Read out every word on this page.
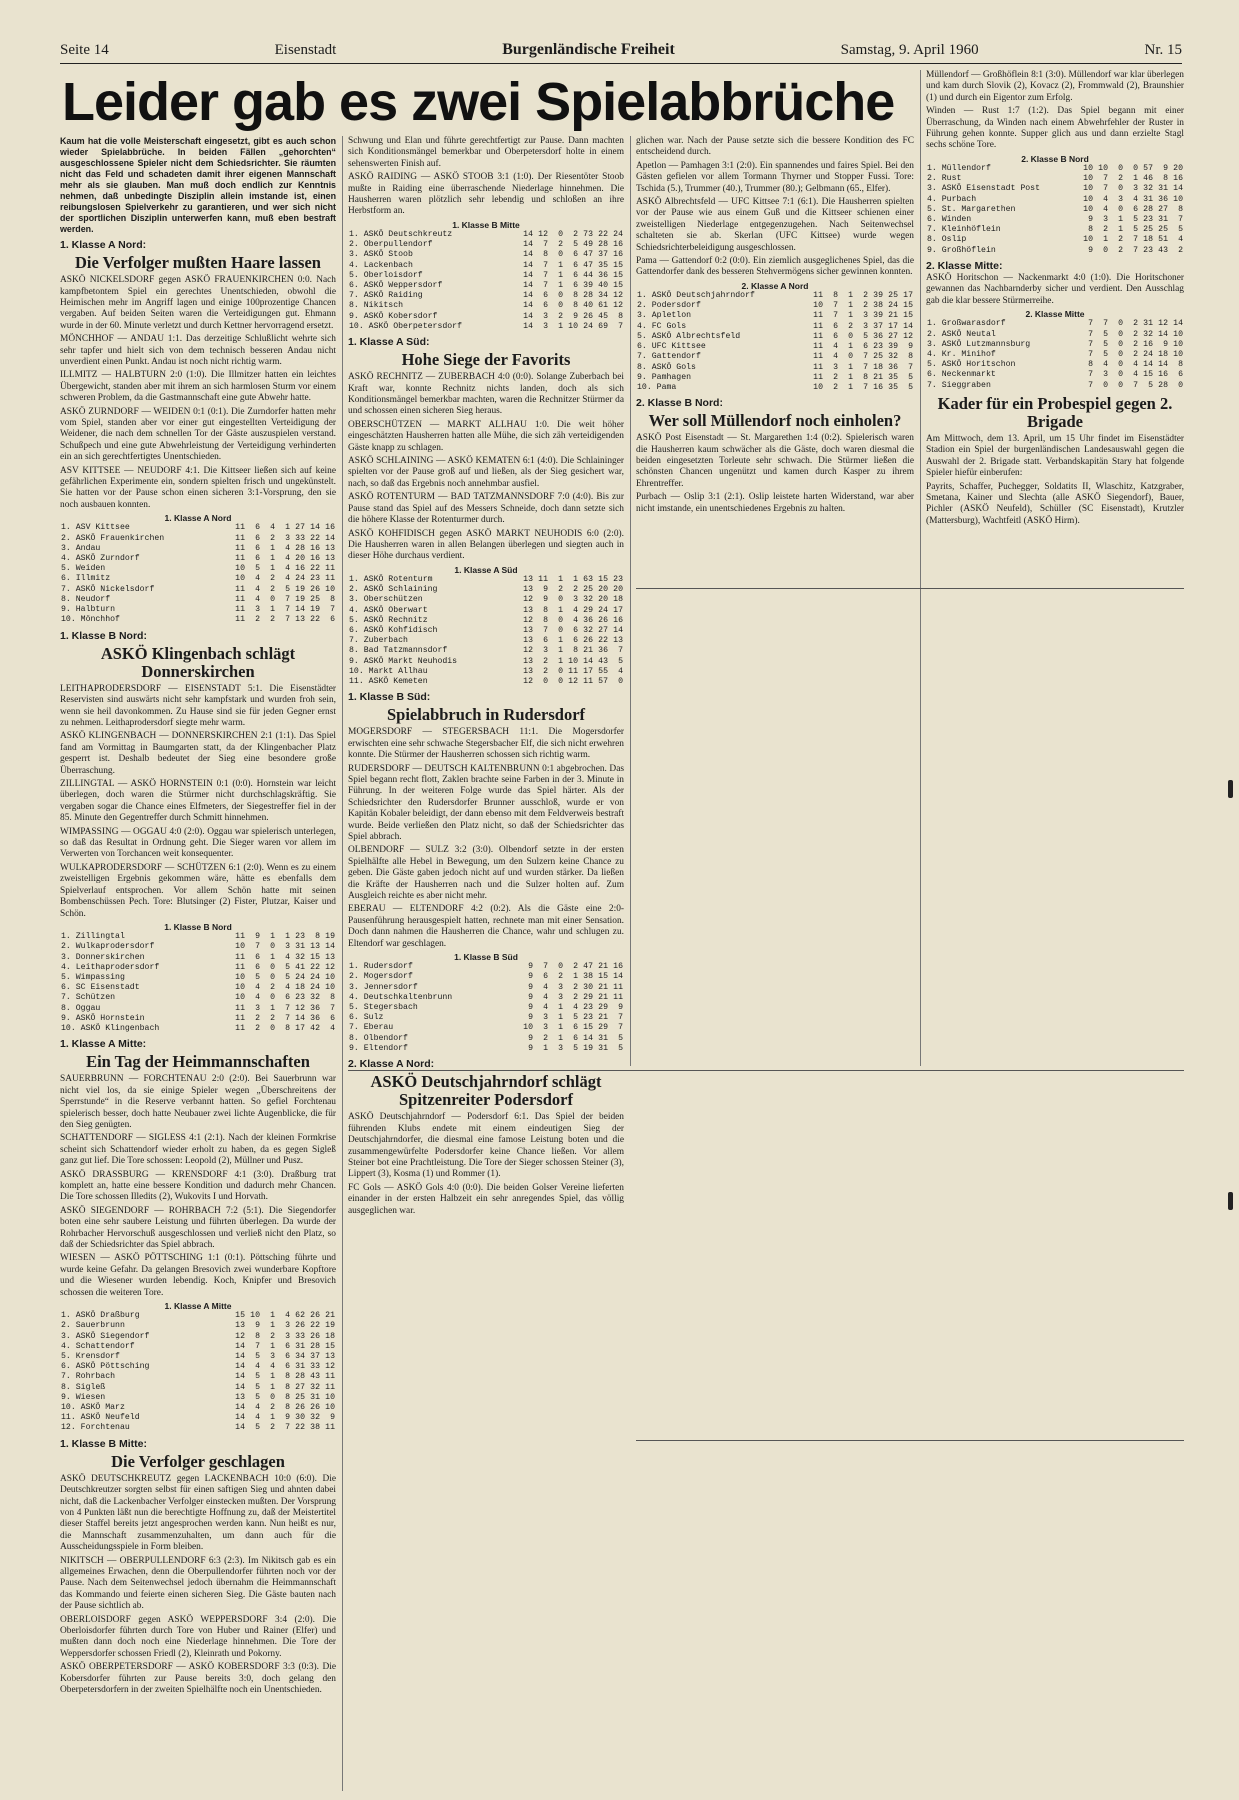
Seite 14	Eisenstadt	Burgenländische Freiheit	Samstag, 9. April 1960	Nr. 15
Leider gab es zwei Spielabbrüche

Kaum hat die volle Meisterschaft eingesetzt, gibt es auch schon wieder Spielabbrüche. In beiden Fällen „gehorchten“ ausgeschlossene Spieler nicht dem Schiedsrichter. Sie räumten nicht das Feld und schadeten damit ihrer eigenen Mannschaft mehr als sie glauben. Man muß doch endlich zur Kenntnis nehmen, daß unbedingte Disziplin allein imstande ist, einen reibungslosen Spielverkehr zu garantieren, und wer sich nicht der sportlichen Disziplin unterwerfen kann, muß eben bestraft werden.

1. Klasse A Nord:
Die Verfolger mußten Haare lassen

ASKÖ NICKELSDORF gegen ASKÖ FRAUENKIRCHEN 0:0. Nach kampfbetontem Spiel ein gerechtes Unentschieden, obwohl die Heimischen mehr im Angriff lagen und einige 100prozentige Chancen vergaben. Auf beiden Seiten waren die Verteidigungen gut. Ehmann wurde in der 60. Minute verletzt und durch Kettner hervorragend ersetzt.

MÖNCHHOF — ANDAU 1:1. Das derzeitige Schlußlicht wehrte sich sehr tapfer und hielt sich von dem technisch besseren Andau nicht unverdient einen Punkt. Andau ist noch nicht richtig warm.

ILLMITZ — HALBTURN 2:0 (1:0). Die Illmitzer hatten ein leichtes Übergewicht, standen aber mit ihrem an sich harmlosen Sturm vor einem schweren Problem, da die Gastmannschaft eine gute Abwehr hatte.

ASKÖ ZURNDORF — WEIDEN 0:1 (0:1). Die Zurndorfer hatten mehr vom Spiel, standen aber vor einer gut eingestellten Verteidigung der Weidener, die nach dem schnellen Tor der Gäste auszuspielen verstand. Schußpech und eine gute Abwehrleistung der Verteidigung verhinderten ein an sich gerechtfertigtes Unentschieden.

ASV KITTSEE — NEUDORF 4:1. Die Kittseer ließen sich auf keine gefährlichen Experimente ein, sondern spielten frisch und ungekünstelt. Sie hatten vor der Pause schon einen sicheren 3:1-Vorsprung, den sie noch ausbauen konnten.

1. Klasse A Nord
1. ASV Kittsee	11	6	4	1	27	14	16
2. ASKÖ Frauenkirchen	11	6	2	3	33	22	14
3. Andau	11	6	1	4	28	16	13
4. ASKÖ Zurndorf	11	6	1	4	20	16	13
5. Weiden	10	5	1	4	16	22	11
6. Illmitz	10	4	2	4	24	23	11
7. ASKÖ Nickelsdorf	11	4	2	5	19	26	10
8. Neudorf	11	4	0	7	19	25	8
9. Halbturn	11	3	1	7	14	19	7
10. Mönchhof	11	2	2	7	13	22	6
1. Klasse B Nord:
ASKÖ Klingenbach schlägt Donnerskirchen

LEITHAPRODERSDORF — EISENSTADT 5:1. Die Eisenstädter Reservisten sind auswärts nicht sehr kampfstark und wurden froh sein, wenn sie heil davonkommen. Zu Hause sind sie für jeden Gegner ernst zu nehmen. Leithaprodersdorf siegte mehr warm.

ASKÖ KLINGENBACH — DONNERSKIRCHEN 2:1 (1:1). Das Spiel fand am Vormittag in Baumgarten statt, da der Klingenbacher Platz gesperrt ist. Deshalb bedeutet der Sieg eine besondere große Überraschung.

ZILLINGTAL — ASKÖ HORNSTEIN 0:1 (0:0). Hornstein war leicht überlegen, doch waren die Stürmer nicht durchschlagskräftig. Sie vergaben sogar die Chance eines Elfmeters, der Siegestreffer fiel in der 85. Minute den Gegentreffer durch Schmitt hinnehmen.

WIMPASSING — OGGAU 4:0 (2:0). Oggau war spielerisch unterlegen, so daß das Resultat in Ordnung geht. Die Sieger waren vor allem im Verwerten von Torchancen weit konsequenter.

WULKAPRODERSDORF — SCHÜTZEN 6:1 (2:0). Wenn es zu einem zweistelligen Ergebnis gekommen wäre, hätte es ebenfalls dem Spielverlauf entsprochen. Vor allem Schön hatte mit seinen Bombenschüssen Pech. Tore: Blutsinger (2) Fister, Plutzar, Kaiser und Schön.

1. Klasse B Nord
1. Zillingtal	11	9	1	1	23	8	19
2. Wulkaprodersdorf	10	7	0	3	31	13	14
3. Donnerskirchen	11	6	1	4	32	15	13
4. Leithaprodersdorf	11	6	0	5	41	22	12
5. Wimpassing	10	5	0	5	24	24	10
6. SC Eisenstadt	10	4	2	4	18	24	10
7. Schützen	10	4	0	6	23	32	8
8. Oggau	11	3	1	7	12	36	7
9. ASKÖ Hornstein	11	2	2	7	14	36	6
10. ASKÖ Klingenbach	11	2	0	8	17	42	4
1. Klasse A Mitte:
Ein Tag der Heimmannschaften

SAUERBRUNN — FORCHTENAU 2:0 (2:0). Bei Sauerbrunn war nicht viel los, da sie einige Spieler wegen „Überschreitens der Sperrstunde“ in die Reserve verbannt hatten. So gefiel Forchtenau spielerisch besser, doch hatte Neubauer zwei lichte Augenblicke, die für den Sieg genügten.

SCHATTENDORF — SIGLESS 4:1 (2:1). Nach der kleinen Formkrise scheint sich Schattendorf wieder erholt zu haben, da es gegen Sigleß ganz gut lief. Die Tore schossen: Leopold (2), Müllner und Pusz.

ASKÖ DRASSBURG — KRENSDORF 4:1 (3:0). Draßburg trat komplett an, hatte eine bessere Kondition und dadurch mehr Chancen. Die Tore schossen Illedits (2), Wukovits I und Horvath.

ASKÖ SIEGENDORF — ROHRBACH 7:2 (5:1). Die Siegendorfer boten eine sehr saubere Leistung und führten überlegen. Da wurde der Rohrbacher Hervorschuß ausgeschlossen und verließ nicht den Platz, so daß der Schiedsrichter das Spiel abbrach.

WIESEN — ASKÖ PÖTTSCHING 1:1 (0:1). Pöttsching führte und wurde keine Gefahr. Da gelangen Bresovich zwei wunderbare Kopftore und die Wiesener wurden lebendig. Koch, Knipfer und Bresovich schossen die weiteren Tore.

1. Klasse A Mitte
1. ASKÖ Draßburg	15	10	1	4	62	26	21
2. Sauerbrunn	13	9	1	3	26	22	19
3. ASKÖ Siegendorf	12	8	2	3	33	26	18
4. Schattendorf	14	7	1	6	31	28	15
5. Krensdorf	14	5	3	6	34	37	13
6. ASKÖ Pöttsching	14	4	4	6	31	33	12
7. Rohrbach	14	5	1	8	28	43	11
8. Sigleß	14	5	1	8	27	32	11
9. Wiesen	13	5	0	8	25	31	10
10. ASKÖ Marz	14	4	2	8	26	26	10
11. ASKÖ Neufeld	14	4	1	9	30	32	9
12. Forchtenau	14	5	2	7	22	38	11
1. Klasse B Mitte:
Die Verfolger geschlagen

ASKÖ DEUTSCHKREUTZ gegen LACKENBACH 10:0 (6:0). Die Deutschkreutzer sorgten selbst für einen saftigen Sieg und ahnten dabei nicht, daß die Lackenbacher Verfolger einstecken mußten. Der Vorsprung von 4 Punkten läßt nun die berechtigte Hoffnung zu, daß der Meistertitel dieser Staffel bereits jetzt angesprochen werden kann. Nun heißt es nur, die Mannschaft zusammenzuhalten, um dann auch für die Ausscheidungsspiele in Form bleiben.

NIKITSCH — OBERPULLENDORF 6:3 (2:3). Im Nikitsch gab es ein allgemeines Erwachen, denn die Oberpullendorfer führten noch vor der Pause. Nach dem Seitenwechsel jedoch übernahm die Heimmannschaft das Kommando und feierte einen sicheren Sieg. Die Gäste bauten nach der Pause sichtlich ab.

OBERLOISDORF gegen ASKÖ WEPPERSDORF 3:4 (2:0). Die Oberloisdorfer führten durch Tore von Huber und Rainer (Elfer) und mußten dann doch noch eine Niederlage hinnehmen. Die Tore der Weppersdorfer schossen Friedl (2), Kleinrath und Pokorny.

ASKÖ OBERPETERSDORF — ASKÖ KOBERSDORF 3:3 (0:3). Die Kobersdorfer führten zur Pause bereits 3:0, doch gelang den Oberpetersdorfern in der zweiten Spielhälfte noch ein Unentschieden.

Schwung und Elan und führte gerechtfertigt zur Pause. Dann machten sich Konditionsmängel bemerkbar und Oberpetersdorf holte in einem sehenswerten Finish auf.

ASKÖ RAIDING — ASKÖ STOOB 3:1 (1:0). Der Riesentöter Stoob mußte in Raiding eine überraschende Niederlage hinnehmen. Die Hausherren waren plötzlich sehr lebendig und schloßen an ihre Herbstform an.

1. Klasse B Mitte
1. ASKÖ Deutschkreutz	14	12	0	2	73	22	24
2. Oberpullendorf	14	7	2	5	49	28	16
3. ASKÖ Stoob	14	8	0	6	47	37	16
4. Lackenbach	14	7	1	6	47	35	15
5. Oberloisdorf	14	7	1	6	44	36	15
6. ASKÖ Weppersdorf	14	7	1	6	39	40	15
7. ASKÖ Raiding	14	6	0	8	28	34	12
8. Nikitsch	14	6	0	8	40	61	12
9. ASKÖ Kobersdorf	14	3	2	9	26	45	8
10. ASKÖ Oberpetersdorf	14	3	1	10	24	69	7
1. Klasse A Süd:
Hohe Siege der Favorits

ASKÖ RECHNITZ — ZUBERBACH 4:0 (0:0). Solange Zuberbach bei Kraft war, konnte Rechnitz nichts landen, doch als sich Konditionsmängel bemerkbar machten, waren die Rechnitzer Stürmer da und schossen einen sicheren Sieg heraus.

OBERSCHÜTZEN — MARKT ALLHAU 1:0. Die weit höher eingeschätzten Hausherren hatten alle Mühe, die sich zäh verteidigenden Gäste knapp zu schlagen.

ASKÖ SCHLAINING — ASKÖ KEMATEN 6:1 (4:0). Die Schlaininger spielten vor der Pause groß auf und ließen, als der Sieg gesichert war, nach, so daß das Ergebnis noch annehmbar ausfiel.

ASKÖ ROTENTURM — BAD TATZMANNSDORF 7:0 (4:0). Bis zur Pause stand das Spiel auf des Messers Schneide, doch dann setzte sich die höhere Klasse der Rotenturmer durch.

ASKÖ KOHFIDISCH gegen ASKÖ MARKT NEUHODIS 6:0 (2:0). Die Hausherren waren in allen Belangen überlegen und siegten auch in dieser Höhe durchaus verdient.

1. Klasse A Süd
1. ASKÖ Rotenturm	13	11	1	1	63	15	23
2. ASKÖ Schlaining	13	9	2	2	25	20	20
3. Oberschützen	12	9	0	3	32	20	18
4. ASKÖ Oberwart	13	8	1	4	29	24	17
5. ASKÖ Rechnitz	12	8	0	4	36	26	16
6. ASKÖ Kohfidisch	13	7	0	6	32	27	14
7. Zuberbach	13	6	1	6	26	22	13
8. Bad Tatzmannsdorf	12	3	1	8	21	36	7
9. ASKÖ Markt Neuhodis	13	2	1	10	14	43	5
10. Markt Allhau	13	2	0	11	17	55	4
11. ASKÖ Kemeten	12	0	0	12	11	57	0
1. Klasse B Süd:
Spielabbruch in Rudersdorf

MOGERSDORF — STEGERSBACH 11:1. Die Mogersdorfer erwischten eine sehr schwache Stegersbacher Elf, die sich nicht erwehren konnte. Die Stürmer der Hausherren schossen sich richtig warm.

RUDERSDORF — DEUTSCH KALTENBRUNN 0:1 abgebrochen. Das Spiel begann recht flott, Zaklen brachte seine Farben in der 3. Minute in Führung. In der weiteren Folge wurde das Spiel härter. Als der Schiedsrichter den Rudersdorfer Brunner ausschloß, wurde er von Kapitän Kobaler beleidigt, der dann ebenso mit dem Feldverweis bestraft wurde. Beide verließen den Platz nicht, so daß der Schiedsrichter das Spiel abbrach.

OLBENDORF — SULZ 3:2 (3:0). Olbendorf setzte in der ersten Spielhälfte alle Hebel in Bewegung, um den Sulzern keine Chance zu geben. Die Gäste gaben jedoch nicht auf und wurden stärker. Da ließen die Kräfte der Hausherren nach und die Sulzer holten auf. Zum Ausgleich reichte es aber nicht mehr.

EBERAU — ELTENDORF 4:2 (0:2). Als die Gäste eine 2:0-Pausenführung herausgespielt hatten, rechnete man mit einer Sensation. Doch dann nahmen die Hausherren die Chance, wahr und schlugen zu. Eltendorf war geschlagen.

1. Klasse B Süd
1. Rudersdorf	9	7	0	2	47	21	16
2. Mogersdorf	9	6	2	1	38	15	14
3. Jennersdorf	9	4	3	2	30	21	11
4. Deutschkaltenbrunn	9	4	3	2	29	21	11
5. Stegersbach	9	4	1	4	23	29	9
6. Sulz	9	3	1	5	23	21	7
7. Eberau	10	3	1	6	15	29	7
8. Olbendorf	9	2	1	6	14	31	5
9. Eltendorf	9	1	3	5	19	31	5
2. Klasse A Nord:
ASKÖ Deutschjahrndorf schlägt Spitzenreiter Podersdorf

ASKÖ Deutschjahrndorf — Podersdorf 6:1. Das Spiel der beiden führenden Klubs endete mit einem eindeutigen Sieg der Deutschjahrndorfer, die diesmal eine famose Leistung boten und die zusammengewürfelte Podersdorfer keine Chance ließen. Vor allem Steiner bot eine Prachtleistung. Die Tore der Sieger schossen Steiner (3), Lippert (3), Kosma (1) und Rommer (1).

FC Gols — ASKÖ Gols 4:0 (0:0). Die beiden Golser Vereine lieferten einander in der ersten Halbzeit ein sehr anregendes Spiel, das völlig ausgeglichen war.

glichen war. Nach der Pause setzte sich die bessere Kondition des FC entscheidend durch.

Apetlon — Pamhagen 3:1 (2:0). Ein spannendes und faires Spiel. Bei den Gästen gefielen vor allem Tormann Thyrner und Stopper Fussi. Tore: Tschida (5.), Trummer (40.), Trummer (80.); Gelbmann (65., Elfer).

ASKÖ Albrechtsfeld — UFC Kittsee 7:1 (6:1). Die Hausherren spielten vor der Pause wie aus einem Guß und die Kittseer schienen einer zweistelligen Niederlage entgegenzugehen. Nach Seitenwechsel schalteten sie ab. Skerlan (UFC Kittsee) wurde wegen Schiedsrichterbeleidigung ausgeschlossen.

Pama — Gattendorf 0:2 (0:0). Ein ziemlich ausgeglichenes Spiel, das die Gattendorfer dank des besseren Stehvermögens sicher gewinnen konnten.

2. Klasse A Nord
1. ASKÖ Deutschjahrndorf	11	8	1	2	39	25	17
2. Podersdorf	10	7	1	2	38	24	15
3. Apletlon	11	7	1	3	39	21	15
4. FC Gols	11	6	2	3	37	17	14
5. ASKÖ Albrechtsfeld	11	6	0	5	36	27	12
6. UFC Kittsee	11	4	1	6	23	39	9
7. Gattendorf	11	4	0	7	25	32	8
8. ASKÖ Gols	11	3	1	7	18	36	7
9. Pamhagen	11	2	1	8	21	35	5
10. Pama	10	2	1	7	16	35	5
2. Klasse B Nord:
Wer soll Müllendorf noch einholen?

ASKÖ Post Eisenstadt — St. Margarethen 1:4 (0:2). Spielerisch waren die Hausherren kaum schwächer als die Gäste, doch waren diesmal die beiden eingesetzten Torleute sehr schwach. Die Stürmer ließen die schönsten Chancen ungenützt und kamen durch Kasper zu ihrem Ehrentreffer.

Purbach — Oslip 3:1 (2:1). Oslip leistete harten Widerstand, war aber nicht imstande, ein unentschiedenes Ergebnis zu halten.

Müllendorf — Großhöflein 8:1 (3:0). Müllendorf war klar überlegen und kam durch Slovik (2), Kovacz (2), Frommwald (2), Braunshier (1) und durch ein Eigentor zum Erfolg.

Winden — Rust 1:7 (1:2). Das Spiel begann mit einer Überraschung, da Winden nach einem Abwehrfehler der Ruster in Führung gehen konnte. Supper glich aus und dann erzielte Stagl sechs schöne Tore.

2. Klasse B Nord
1. Müllendorf	10	10	0	0	57	9	20
2. Rust	10	7	2	1	46	8	16
3. ASKÖ Eisenstadt Post	10	7	0	3	32	31	14
4. Purbach	10	4	3	4	31	36	10
5. St. Margarethen	10	4	0	6	28	27	8
6. Winden	9	3	1	5	23	31	7
7. Kleinhöflein	8	2	1	5	25	25	5
8. Oslip	10	1	2	7	18	51	4
9. Großhöflein	9	0	2	7	23	43	2
2. Klasse Mitte:

ASKÖ Horitschon — Nackenmarkt 4:0 (1:0). Die Horitschoner gewannen das Nachbarnderby sicher und verdient. Den Ausschlag gab die klar bessere Stürmerreihe.

2. Klasse Mitte
1. Großwarasdorf	7	7	0	2	31	12	14
2. ASKÖ Neutal	7	5	0	2	32	14	10
3. ASKÖ Lutzmannsburg	7	5	0	2	16	9	10
4. Kr. Minihof	7	5	0	2	24	18	10
5. ASKÖ Horitschon	8	4	0	4	14	14	8
6. Neckenmarkt	7	3	0	4	15	16	6
7. Sieggraben	7	0	0	7	5	28	0
Kader für ein Probespiel gegen 2. Brigade

Am Mittwoch, dem 13. April, um 15 Uhr findet im Eisenstädter Stadion ein Spiel der burgenländischen Landesauswahl gegen die Auswahl der 2. Brigade statt. Verbandskapitän Stary hat folgende Spieler hiefür einberufen:

Payrits, Schaffer, Puchegger, Soldatits II, Wlaschitz, Katzgraber, Smetana, Kainer und Slechta (alle ASKÖ Siegendorf), Bauer, Pichler (ASKÖ Neufeld), Schüller (SC Eisenstadt), Krutzler (Mattersburg), Wachtfeitl (ASKÖ Hirm).
